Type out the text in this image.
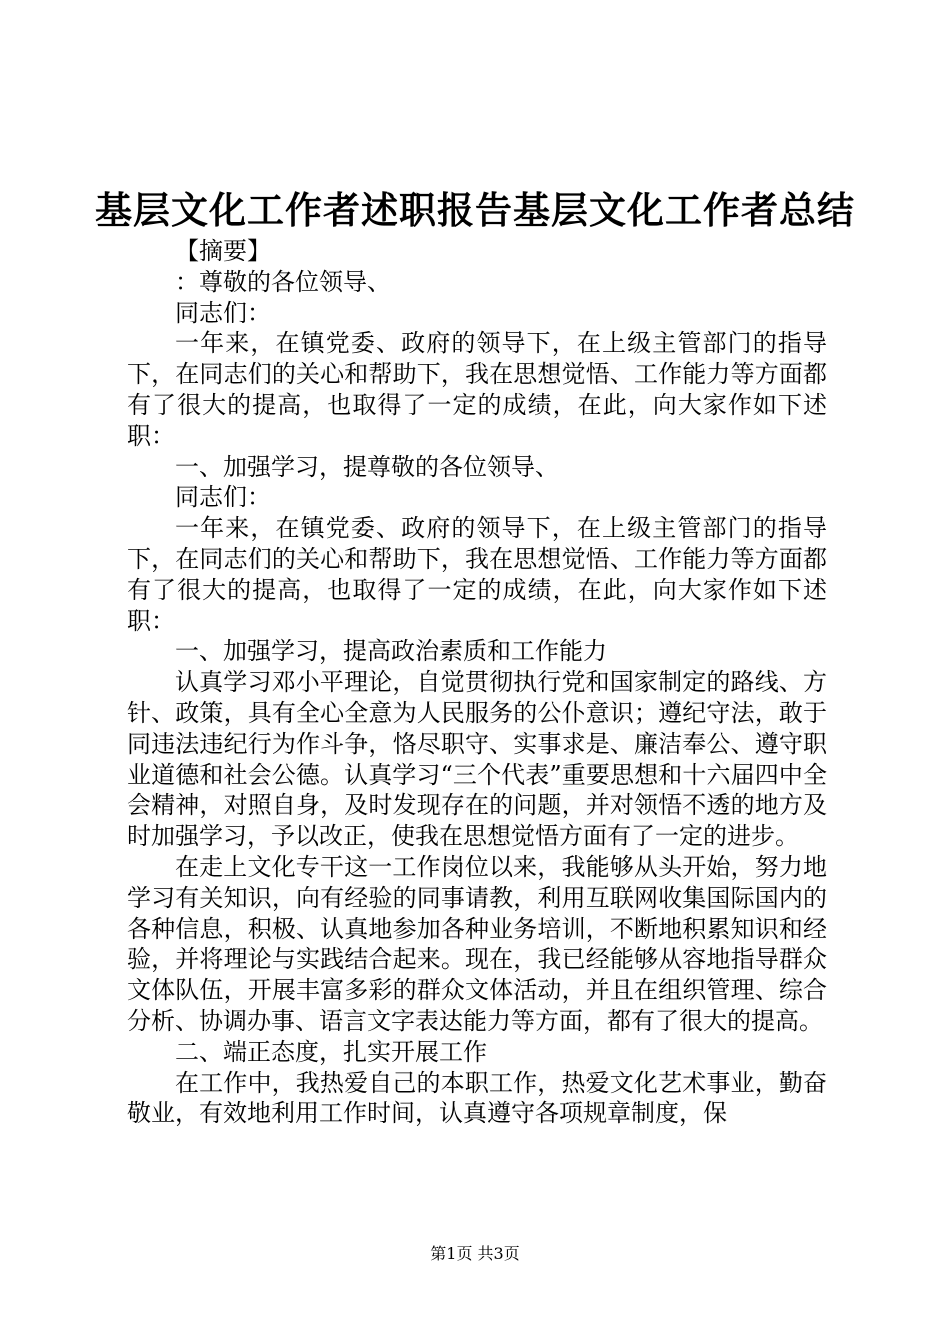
基层文化工作者述职报告基层文化工作者总结

【摘要】

：尊敬的各位领导、

同志们：

一年来，在镇党委、政府的领导下，在上级主管部门的指导下，在同志们的关心和帮助下，我在思想觉悟、工作能力等方面都有了很大的提高，也取得了一定的成绩，在此，向大家作如下述职：

一、加强学习，提尊敬的各位领导、

同志们：

一年来，在镇党委、政府的领导下，在上级主管部门的指导下，在同志们的关心和帮助下，我在思想觉悟、工作能力等方面都有了很大的提高，也取得了一定的成绩，在此，向大家作如下述职：

一、加强学习，提高政治素质和工作能力

认真学习邓小平理论，自觉贯彻执行党和国家制定的路线、方针、政策，具有全心全意为人民服务的公仆意识；遵纪守法，敢于同违法违纪行为作斗争，恪尽职守、实事求是、廉洁奉公、遵守职业道德和社会公德。认真学习“三个代表”重要思想和十六届四中全会精神，对照自身，及时发现存在的问题，并对领悟不透的地方及时加强学习，予以改正，使我在思想觉悟方面有了一定的进步。

在走上文化专干这一工作岗位以来，我能够从头开始，努力地学习有关知识，向有经验的同事请教，利用互联网收集国际国内的各种信息，积极、认真地参加各种业务培训，不断地积累知识和经验，并将理论与实践结合起来。现在，我已经能够从容地指导群众文体队伍，开展丰富多彩的群众文体活动，并且在组织管理、综合分析、协调办事、语言文字表达能力等方面，都有了很大的提高。

二、端正态度，扎实开展工作

在工作中，我热爱自己的本职工作，热爱文化艺术事业，勤奋敬业，有效地利用工作时间，认真遵守各项规章制度，保

第1页 共3页
